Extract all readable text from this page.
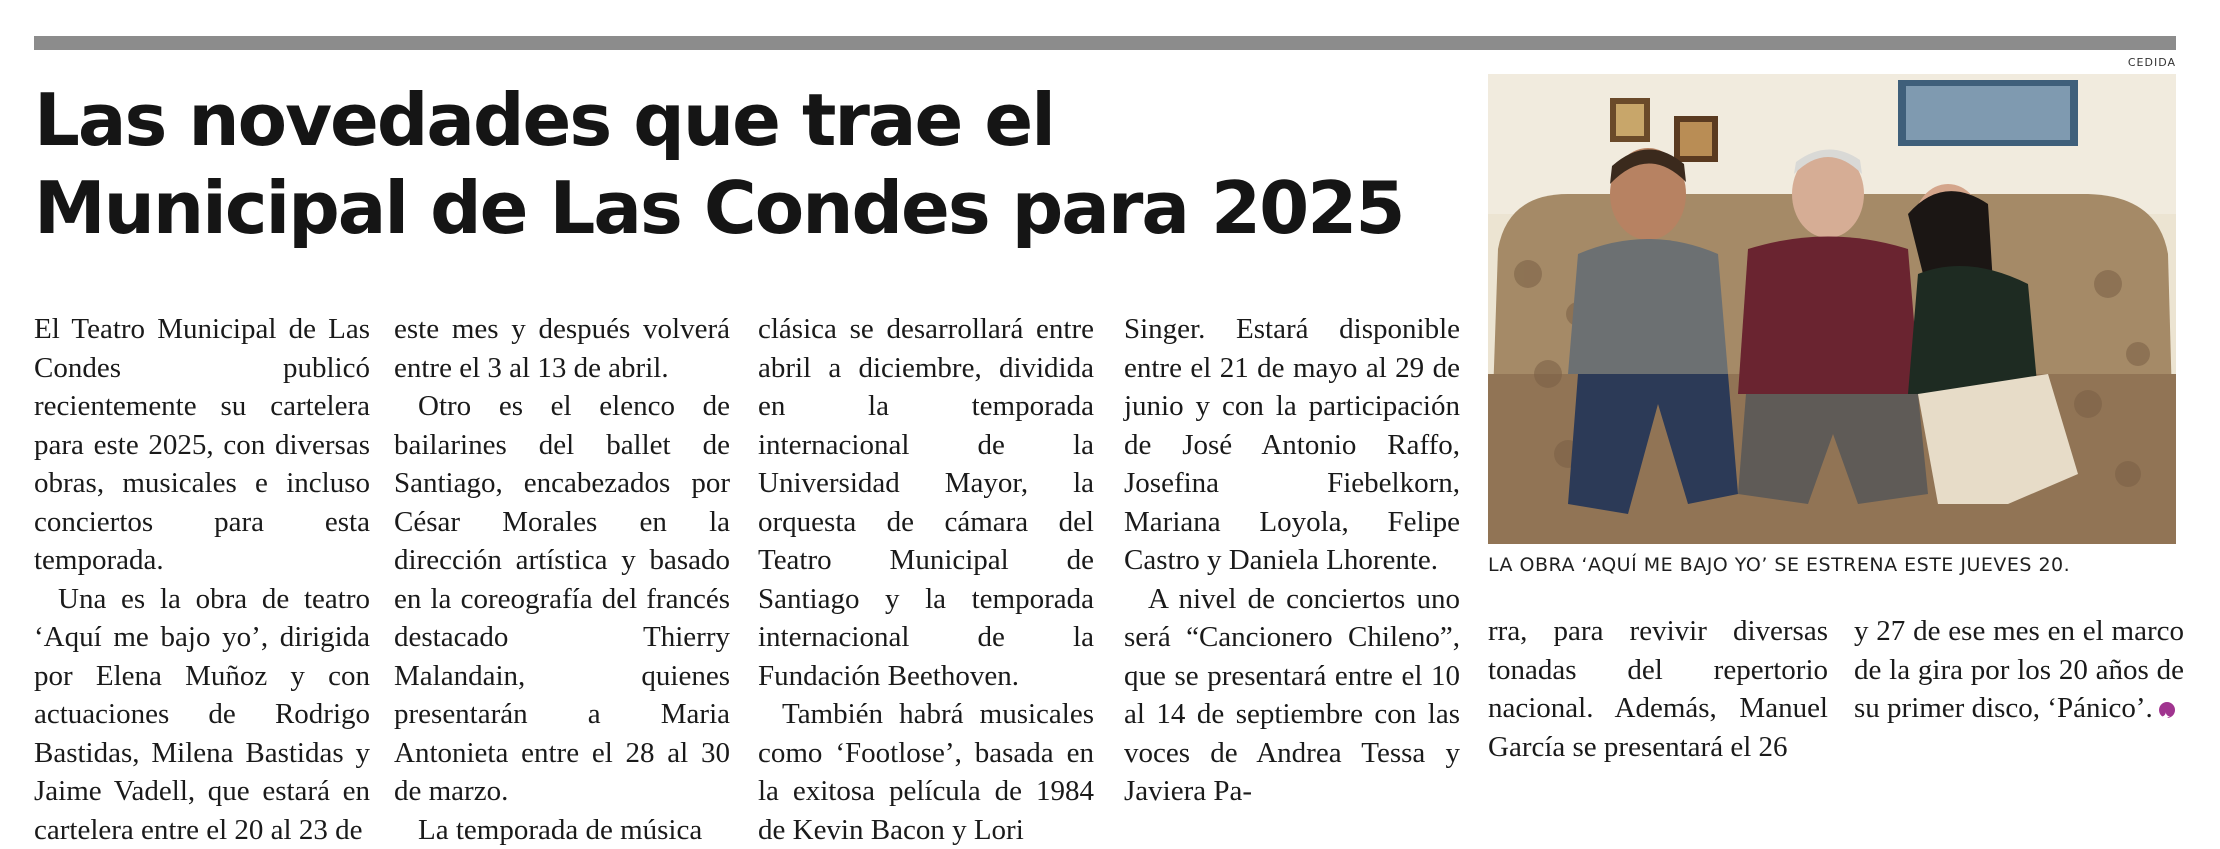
Las novedades que trae el
Municipal de Las Condes para 2025
CEDIDA
LA OBRA ‘AQUÍ ME BAJO YO’ SE ESTRENA ESTE JUEVES 20.

El Teatro Municipal de Las Condes publicó recientemente su cartelera para este 2025, con diversas obras, musicales e incluso conciertos para esta temporada.

Una es la obra de teatro ‘Aquí me bajo yo’, dirigida por Elena Muñoz y con actuaciones de Rodrigo Bastidas, Milena Bastidas y Jaime Vadell, que estará en cartelera entre el 20 al 23 de

este mes y después volverá entre el 3 al 13 de abril.

Otro es el elenco de bailarines del ballet de Santiago, encabezados por César Morales en la dirección artística y basado en la coreografía del francés destacado Thierry Malandain, quienes presentarán a Maria Antonieta entre el 28 al 30 de marzo.

La temporada de música

clásica se desarrollará entre abril a diciembre, dividida en la temporada internacional de la Universidad Mayor, la orquesta de cámara del Teatro Municipal de Santiago y la temporada internacional de la Fundación Beethoven.

También habrá musicales como ‘Footlose’, basada en la exitosa película de 1984 de Kevin Bacon y Lori

Singer. Estará disponible entre el 21 de mayo al 29 de junio y con la participación de José Antonio Raffo, Josefina Fiebelkorn, Mariana Loyola, Felipe Castro y Daniela Lhorente.

A nivel de conciertos uno será “Cancionero Chileno”, que se presentará entre el 10 al 14 de septiembre con las voces de Andrea Tessa y Javiera Pa-

rra, para revivir diversas tonadas del repertorio nacional. Además, Manuel García se presentará el 26

y 27 de ese mes en el marco de la gira por los 20 años de su primer disco, ‘Pánico’.✦
